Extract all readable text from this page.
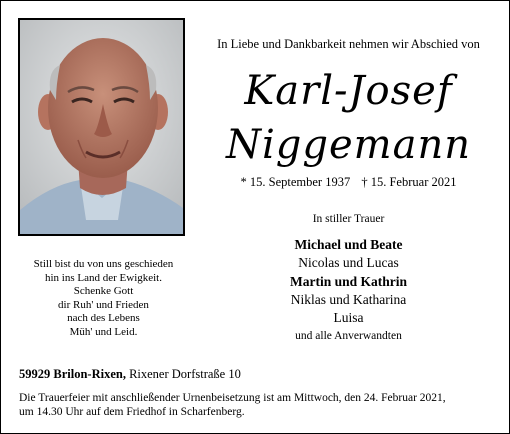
In Liebe und Dankbarkeit nehmen wir Abschied von
Karl-Josef
Niggemann
* 15. September 1937 † 15. Februar 2021
In stiller Trauer
Michael und Beate
Nicolas und Lucas
Martin und Kathrin
Niklas und Katharina
Luisa
und alle Anverwandten
Still bist du von uns geschieden
hin ins Land der Ewigkeit.
Schenke Gott
dir Ruh' und Frieden
nach des Lebens
Müh' und Leid.
59929 Brilon-Rixen, Rixener Dorfstraße 10
Die Trauerfeier mit anschließender Urnenbeisetzung ist am Mittwoch, den 24. Februar 2021,
um 14.30 Uhr auf dem Friedhof in Scharfenberg.
